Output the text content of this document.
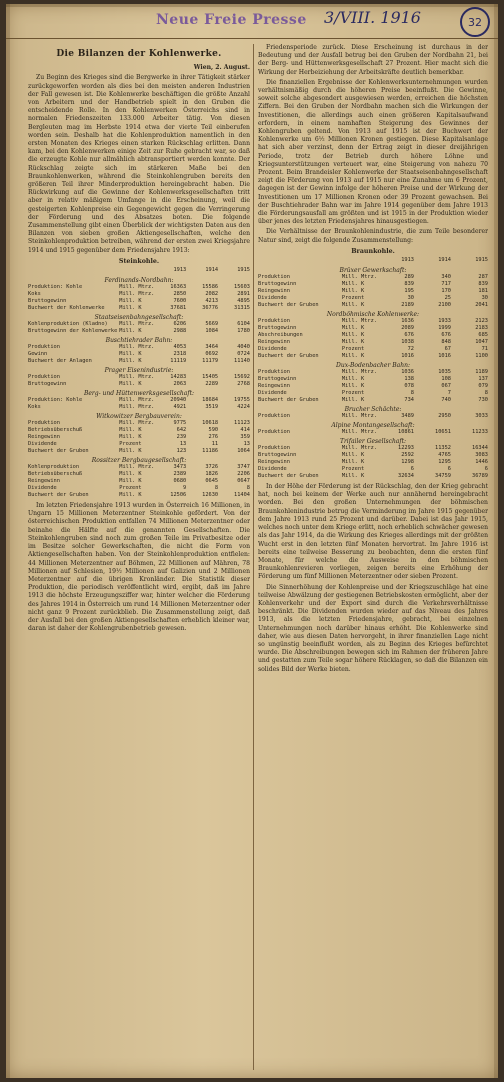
Neue Freie Presse 3/VIII. 1916	32
Die Bilanzen der Kohlenwerke.
Wien, 2. August.

Zu Beginn des Krieges sind die Bergwerke in ihrer Tätigkeit stärker zurückgeworfen worden als dies bei den meisten anderen Industrien der Fall gewesen ist. Die Kohlenwerke beschäftigen die größte Anzahl von Arbeitern und der Handbetrieb spielt in den Gruben die entscheidende Rolle. In den Kohlenwerken Österreichs sind in normalen Friedenszeiten 133.000 Arbeiter tätig. Von diesen Bergleuten mag im Herbste 1914 etwa der vierte Teil einberufen worden sein. Deshalb hat die Kohlenproduktion namentlich in den ersten Monaten des Krieges einen starken Rückschlag erlitten. Dann kam, bei den Kohlenwerken einige Zeit zur Ruhe gebracht war, so daß die erzeugte Kohle nur allmählich abtransportiert werden konnte. Der Rückschlag zeigte sich im stärkeren Maße bei den Braunkohlenwerken, während die Steinkohlengruben bereits den größeren Teil ihrer Minderproduktion hereingebracht haben. Die Rückwirkung auf die Gewinne der Kohlenwerksgesellschaften tritt aber in relativ mäßigem Umfange in die Erscheinung, weil die gesteigerten Kohlenpreise ein Gegengewicht gegen die Verringerung der Förderung und des Absatzes boten. Die folgende Zusammenstellung gibt einen Überblick der wichtigsten Daten aus den Bilanzen von sieben großen Aktiengesellschaften, welche den Steinkohlenproduktion betreiben, während der ersten zwei Kriegsjahre 1914 und 1915 gegenüber dem Friedensjahre 1913:

Steinkohle.
		1913	1914	1915
Ferdinands-Nordbahn:				
Produktion: Kohle	Mill. Mtrz.	16363	15586	15603
Koks	Mill. Mtrz.	2850	2082	2891
Bruttogewinn	Mill. K	7600	4213	4895
Buchwert der Kohlenwerke	Mill. K	37681	36776	31315
Staatseisenbahngesellschaft:				
Kohlenproduktion (Kladno)	Mill. Mtrz.	6206	5669	6104
Bruttogewinn der Kohlenwerke	Mill. K	2988	1084	1780
Buschtiehrader Bahn:				
Produktion	Mill. Mtrz.	4053	3464	4040
Gewinn	Mill. K	2318	0692	0724
Buchwert der Anlagen	Mill. K	11119	11179	11140
Prager Eisenindustrie:				
Produktion	Mill. Mtrz.	14283	15405	15692
Bruttogewinn	Mill. K	2063	2289	2768
Berg- und Hüttenwerksgesellschaft:				
Produktion: Kohle	Mill. Mtrz.	20940	18684	19755
Koks	Mill. Mtrz.	4921	3519	4224
Witkowitzer Bergbauverein:				
Produktion	Mill. Mtrz.	9775	10618	11123
Betriebsüberschuß	Mill. K	642	590	414
Reingewinn	Mill. K	239	276	359
Dividende	Prozent	13	11	13
Buchwert der Gruben	Mill. K	123	11186	1064
Rossitzer Bergbaugesellschaft:				
Kohlenproduktion	Mill. Mtrz.	3473	3726	3747
Betriebsüberschuß	Mill. K	2389	1826	2206
Reingewinn	Mill. K	0680	0645	0647
Dividende	Prozent	9	8	8
Buchwert der Gruben	Mill. K	12506	12630	11404

Im letzten Friedensjahre 1913 wurden in Österreich 16 Millionen, in Ungarn 15 Millionen Meterzentner Steinkohle gefördert. Von der österreichischen Produktion entfallen 74 Millionen Meterzentner oder beinahe die Hälfte auf die genannten Gesellschaften. Die Steinkohlengruben sind noch zum großen Teile im Privatbesitze oder im Besitze solcher Gewerkschaften, die nicht die Form von Aktiengesellschaften haben. Von der Steinkohlenproduktion entfielen: 44 Millionen Meterzentner auf Böhmen, 22 Millionen auf Mähren, 78 Millionen auf Schlesien, 19½ Millionen auf Galizien und 2 Millionen Meterzentner auf die übrigen Kronländer. Die Statistik dieser Produktion, die periodisch veröffentlicht wird, ergibt, daß im Jahre 1913 die höchste Erzeugungsziffer war, hinter welcher die Förderung des Jahres 1914 in Österreich um rund 14 Millionen Meterzentner oder nicht ganz 9 Prozent zurückblieb. Die Zusammenstellung zeigt, daß der Ausfall bei den großen Aktiengesellschaften erheblich kleiner war, daran ist daher der Kohlengrubenbetrieb gewesen.

Friedensperiode zurück. Diese Erscheinung ist durchaus in der Bedeutung und der Ausfall betrug bei den Gruben der Nordbahn 21, bei der Berg- und Hüttenwerksgesellschaft 27 Prozent. Hier macht sich die Wirkung der Herbeiziehung der Arbeitskräfte deutlich bemerkbar.

Die finanziellen Ergebnisse der Kohlenwerksunternehmungen wurden verhältnismäßig durch die höheren Preise beeinflußt. Die Gewinne, soweit solche abgesondert ausgewiesen werden, erreichen die höchsten Ziffern. Bei den Gruben der Nordbahn machen sich die Wirkungen der Investitionen, die allerdings auch einen größeren Kapitalsaufwand erfordern, in einem namhaften Steigerung des Gewinnes der Kohlengruben geltend. Von 1913 auf 1915 ist der Buchwert der Kohlenwerke um 6½ Millionen Kronen gestiegen. Diese Kapitalsanlage hat sich aber verzinst, denn der Ertrag zeigt in dieser dreijährigen Periode, trotz der Betrieb durch höhere Löhne und Kriegsunterstützungen verteuert war, eine Steigerung von nahezu 70 Prozent. Beim Brandeisler Kohlenwerke der Staatseisenbahngesellschaft zeigt die Förderung von 1913 auf 1915 nur eine Zunahme um 6 Prozent, dagegen ist der Gewinn infolge der höheren Preise und der Wirkung der Investitionen um 17 Millionen Kronen oder 39 Prozent gewachsen. Bei der Buschtiehrader Bahn war im Jahre 1914 gegenüber dem Jahre 1913 die Förderungsausfall am größten und ist 1915 in der Produktion wieder über jenes des letzten Friedensjahres hinausgestiegen.

Die Verhältnisse der Braunkohlenindustrie, die zum Teile besonderer Natur sind, zeigt die folgende Zusammenstellung:

Braunkohle.
		1913	1914	1915
Brüxer Gewerkschaft:				
Produktion	Mill. Mtrz.	289	340	287
Bruttogewinn	Mill. K	839	717	839
Reingewinn	Mill. K	195	170	181
Dividende	Prozent	30	25	30
Buchwert der Gruben	Mill. K	2189	2100	2041
Nordböhmische Kohlenwerke:				
Produktion	Mill. Mtrz.	1636	1933	2123
Bruttogewinn	Mill. K	2089	1999	2183
Abschreibungen	Mill. K	676	676	685
Reingewinn	Mill. K	1038	848	1047
Dividende	Prozent	72	67	71
Buchwert der Gruben	Mill. K	1016	1016	1100
Dux-Bodenbacher Bahn:				
Produktion	Mill. Mtrz.	1036	1035	1189
Bruttogewinn	Mill. K	138	108	137
Reingewinn	Mill. K	078	067	079
Dividende	Prozent	8	7	8
Buchwert der Gruben	Mill. K	734	740	730
Brucher Schächte:				
Produktion	Mill. Mtrz.	3489	2950	3033
Alpine Montangesellschaft:				
Produktion	Mill. Mtrz.	10861	10651	11233
Trifailer Gesellschaft:				
Produktion	Mill. Mtrz.	12293	11352	16344
Bruttogewinn	Mill. K	2592	4765	3083
Reingewinn	Mill. K	1298	1295	1446
Dividende	Prozent	6	6	6
Buchwert der Gruben	Mill. K	32634	34759	36789

In der Höhe der Förderung ist der Rückschlag, den der Krieg gebracht hat, noch bei keinem der Werke auch nur annähernd hereingebracht worden. Bei den großen Unternehmungen der böhmischen Braunkohlenindustrie betrug die Verminderung im Jahre 1915 gegenüber dem Jahre 1913 rund 25 Prozent und darüber. Dabei ist das Jahr 1915, welches noch unter dem Kriege erlitt, noch erheblich schwächer gewesen als das Jahr 1914, da die Wirkung des Krieges allerdings mit der größten Wucht erst in den letzten fünf Monaten hervortrat. Im Jahre 1916 ist bereits eine teilweise Besserung zu beobachten, denn die ersten fünf Monate, für welche die Ausweise in den böhmischen Braunkohlenrevieren vorliegen, zeigen bereits eine Erhöhung der Förderung um fünf Millionen Meterzentner oder sieben Prozent.

Die Sinnerhöhung der Kohlenpreise und der Kriegszuschläge hat eine teilweise Abwälzung der gestiegenen Betriebskosten ermöglicht, aber der Kohlenverkehr und der Export sind durch die Verkehrsverhältnisse beschränkt. Die Dividenden wurden wieder auf das Niveau des Jahres 1913, als die letzten Friedensjahre, gebracht, bei einzelnen Unternehmungen noch darüber hinaus erhöht. Die Kohlenwerke sind daher, wie aus diesen Daten hervorgeht, in ihrer finanziellen Lage nicht so ungünstig beeinflußt worden, als zu Beginn des Krieges befürchtet wurde. Die Abschreibungen bewegen sich im Rahmen der früheren Jahre und gestatten zum Teile sogar höhere Rücklagen, so daß die Bilanzen ein solides Bild der Werke bieten.
